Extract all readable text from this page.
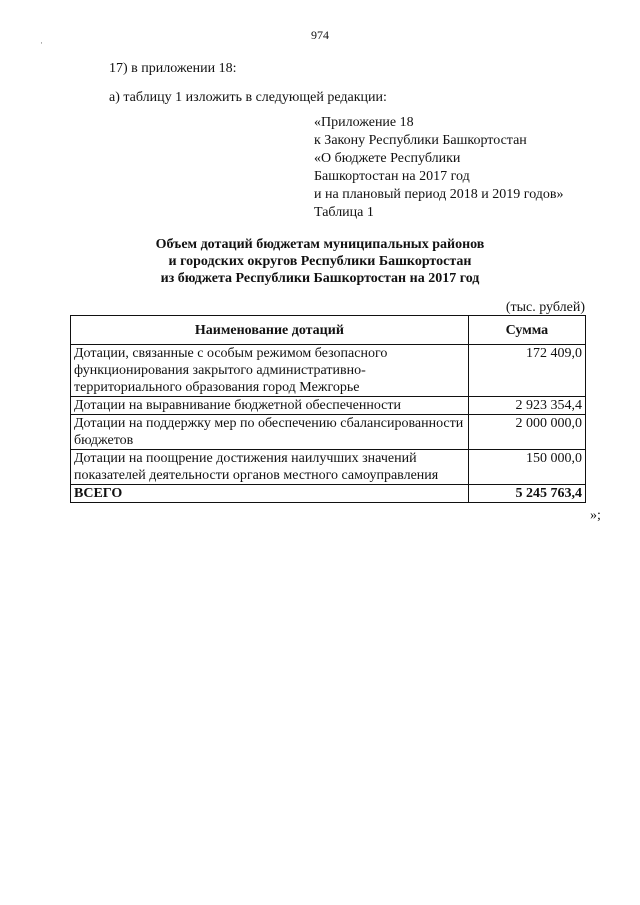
974
·
17) в приложении 18:
а) таблицу 1 изложить в следующей редакции:
«Приложение 18
к Закону Республики Башкортостан
«О бюджете Республики
Башкортостан на 2017 год
и на плановый период 2018 и 2019 годов»
Таблица 1
Объем дотаций бюджетам муниципальных районов
и городских округов Республики Башкортостан
из бюджета Республики Башкортостан на 2017 год
(тыс. рублей)
Наименование дотаций	Сумма
Дотации, связанные с особым режимом безопасного функционирования закрытого административно-территориального образования город Межгорье	172 409,0
Дотации на выравнивание бюджетной обеспеченности	2 923 354,4
Дотации на поддержку мер по обеспечению сбалансированности бюджетов	2 000 000,0
Дотации на поощрение достижения наилучших значений показателей деятельности органов местного самоуправления	150 000,0
ВСЕГО	5 245 763,4
»;
